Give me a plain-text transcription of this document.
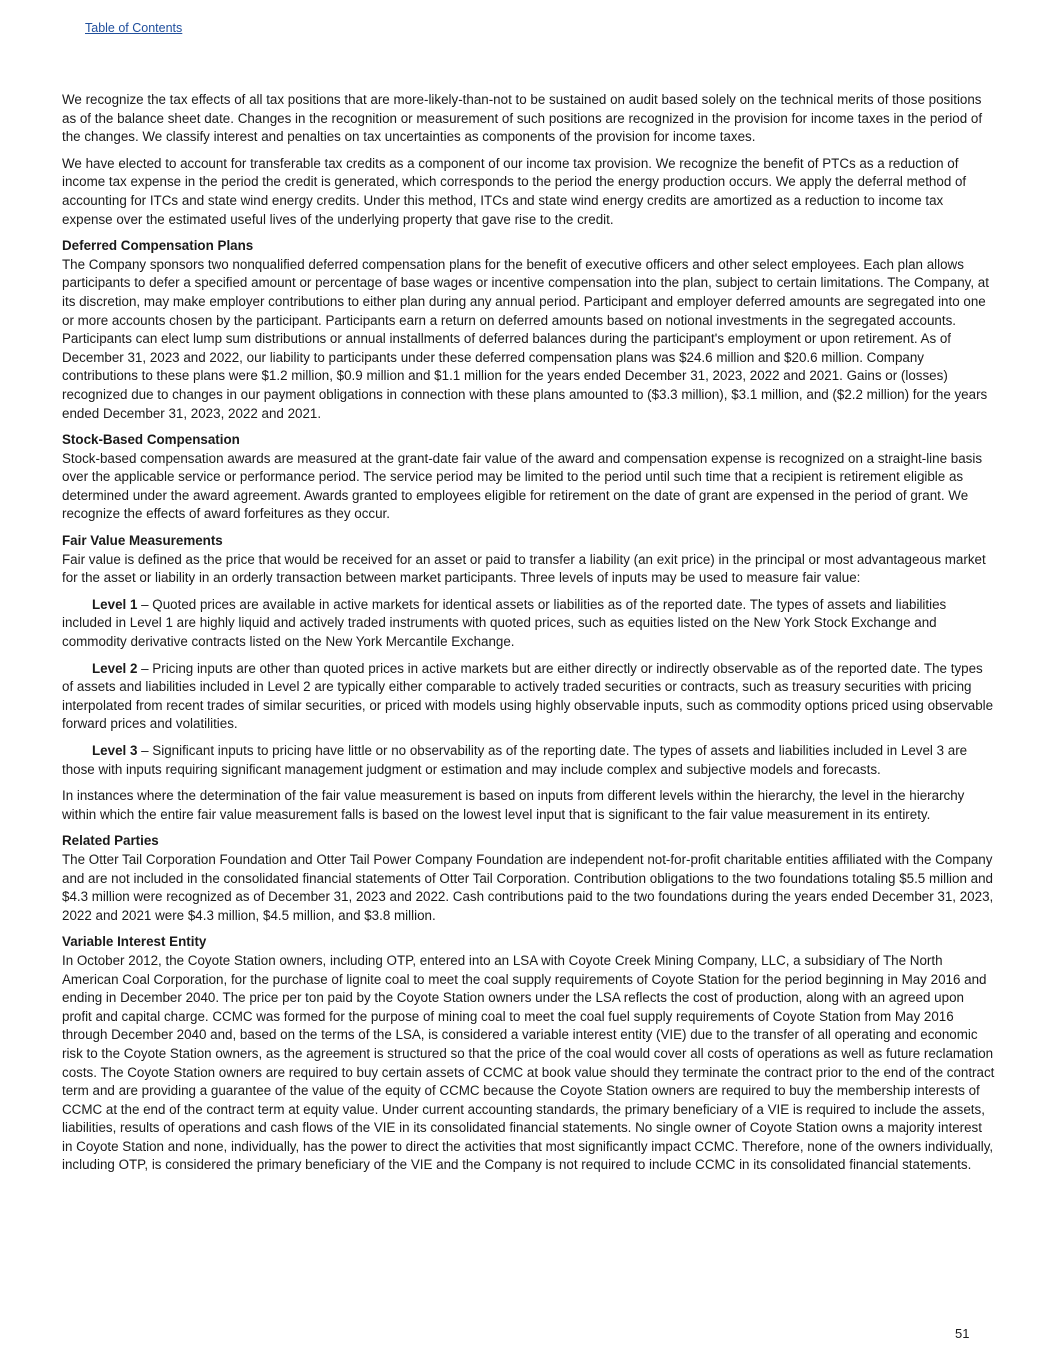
Table of Contents

We recognize the tax effects of all tax positions that are more-likely-than-not to be sustained on audit based solely on the technical merits of those positions as of the balance sheet date. Changes in the recognition or measurement of such positions are recognized in the provision for income taxes in the period of the changes. We classify interest and penalties on tax uncertainties as components of the provision for income taxes.

We have elected to account for transferable tax credits as a component of our income tax provision. We recognize the benefit of PTCs as a reduction of income tax expense in the period the credit is generated, which corresponds to the period the energy production occurs. We apply the deferral method of accounting for ITCs and state wind energy credits. Under this method, ITCs and state wind energy credits are amortized as a reduction to income tax expense over the estimated useful lives of the underlying property that gave rise to the credit.

Deferred Compensation Plans
The Company sponsors two nonqualified deferred compensation plans for the benefit of executive officers and other select employees. Each plan allows participants to defer a specified amount or percentage of base wages or incentive compensation into the plan, subject to certain limitations. The Company, at its discretion, may make employer contributions to either plan during any annual period. Participant and employer deferred amounts are segregated into one or more accounts chosen by the participant. Participants earn a return on deferred amounts based on notional investments in the segregated accounts. Participants can elect lump sum distributions or annual installments of deferred balances during the participant's employment or upon retirement. As of December 31, 2023 and 2022, our liability to participants under these deferred compensation plans was $24.6 million and $20.6 million. Company contributions to these plans were $1.2 million, $0.9 million and $1.1 million for the years ended December 31, 2023, 2022 and 2021. Gains or (losses) recognized due to changes in our payment obligations in connection with these plans amounted to ($3.3 million), $3.1 million, and ($2.2 million) for the years ended December 31, 2023, 2022 and 2021.

Stock-Based Compensation
Stock-based compensation awards are measured at the grant-date fair value of the award and compensation expense is recognized on a straight-line basis over the applicable service or performance period. The service period may be limited to the period until such time that a recipient is retirement eligible as determined under the award agreement. Awards granted to employees eligible for retirement on the date of grant are expensed in the period of grant. We recognize the effects of award forfeitures as they occur.

Fair Value Measurements
Fair value is defined as the price that would be received for an asset or paid to transfer a liability (an exit price) in the principal or most advantageous market for the asset or liability in an orderly transaction between market participants. Three levels of inputs may be used to measure fair value:

Level 1 – Quoted prices are available in active markets for identical assets or liabilities as of the reported date. The types of assets and liabilities included in Level 1 are highly liquid and actively traded instruments with quoted prices, such as equities listed on the New York Stock Exchange and commodity derivative contracts listed on the New York Mercantile Exchange.

Level 2 – Pricing inputs are other than quoted prices in active markets but are either directly or indirectly observable as of the reported date. The types of assets and liabilities included in Level 2 are typically either comparable to actively traded securities or contracts, such as treasury securities with pricing interpolated from recent trades of similar securities, or priced with models using highly observable inputs, such as commodity options priced using observable forward prices and volatilities.

Level 3 – Significant inputs to pricing have little or no observability as of the reporting date. The types of assets and liabilities included in Level 3 are those with inputs requiring significant management judgment or estimation and may include complex and subjective models and forecasts.

In instances where the determination of the fair value measurement is based on inputs from different levels within the hierarchy, the level in the hierarchy within which the entire fair value measurement falls is based on the lowest level input that is significant to the fair value measurement in its entirety.

Related Parties
The Otter Tail Corporation Foundation and Otter Tail Power Company Foundation are independent not-for-profit charitable entities affiliated with the Company and are not included in the consolidated financial statements of Otter Tail Corporation. Contribution obligations to the two foundations totaling $5.5 million and $4.3 million were recognized as of December 31, 2023 and 2022. Cash contributions paid to the two foundations during the years ended December 31, 2023, 2022 and 2021 were $4.3 million, $4.5 million, and $3.8 million.

Variable Interest Entity
In October 2012, the Coyote Station owners, including OTP, entered into an LSA with Coyote Creek Mining Company, LLC, a subsidiary of The North American Coal Corporation, for the purchase of lignite coal to meet the coal supply requirements of Coyote Station for the period beginning in May 2016 and ending in December 2040. The price per ton paid by the Coyote Station owners under the LSA reflects the cost of production, along with an agreed upon profit and capital charge. CCMC was formed for the purpose of mining coal to meet the coal fuel supply requirements of Coyote Station from May 2016 through December 2040 and, based on the terms of the LSA, is considered a variable interest entity (VIE) due to the transfer of all operating and economic risk to the Coyote Station owners, as the agreement is structured so that the price of the coal would cover all costs of operations as well as future reclamation costs. The Coyote Station owners are required to buy certain assets of CCMC at book value should they terminate the contract prior to the end of the contract term and are providing a guarantee of the value of the equity of CCMC because the Coyote Station owners are required to buy the membership interests of CCMC at the end of the contract term at equity value. Under current accounting standards, the primary beneficiary of a VIE is required to include the assets, liabilities, results of operations and cash flows of the VIE in its consolidated financial statements. No single owner of Coyote Station owns a majority interest in Coyote Station and none, individually, has the power to direct the activities that most significantly impact CCMC. Therefore, none of the owners individually, including OTP, is considered the primary beneficiary of the VIE and the Company is not required to include CCMC in its consolidated financial statements.

51
